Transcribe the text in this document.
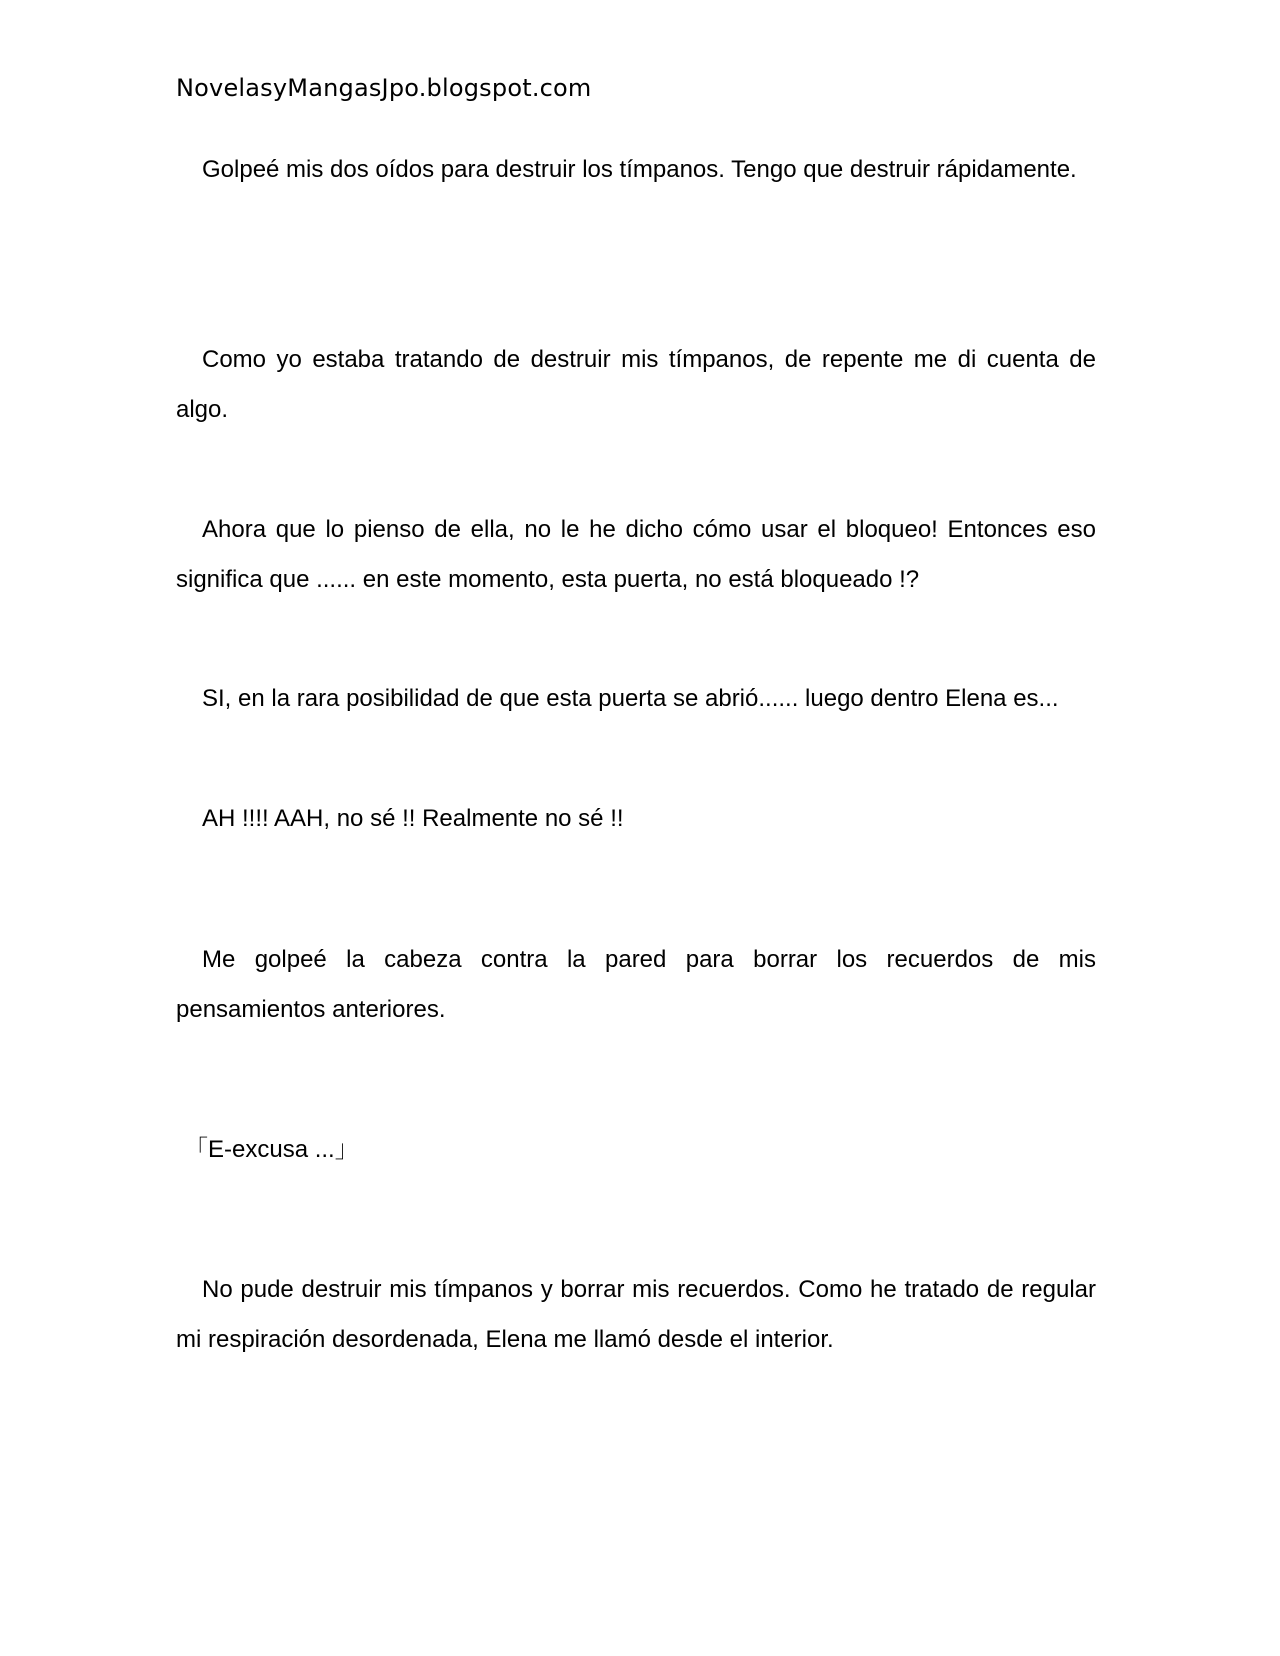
NovelasyMangasJpo.blogspot.com

Golpeé mis dos oídos para destruir los tímpanos. Tengo que destruir rápidamente.

Como yo estaba tratando de destruir mis tímpanos, de repente me di cuenta de algo.

Ahora que lo pienso de ella, no le he dicho cómo usar el bloqueo! Entonces eso significa que ...... en este momento, esta puerta, no está bloqueado !?

SI, en la rara posibilidad de que esta puerta se abrió...... luego dentro Elena es...

AH !!!! AAH, no sé !! Realmente no sé !!

Me golpeé la cabeza contra la pared para borrar los recuerdos de mis pensamientos anteriores.

「E-excusa ...」

No pude destruir mis tímpanos y borrar mis recuerdos. Como he tratado de regular mi respiración desordenada, Elena me llamó desde el interior.
